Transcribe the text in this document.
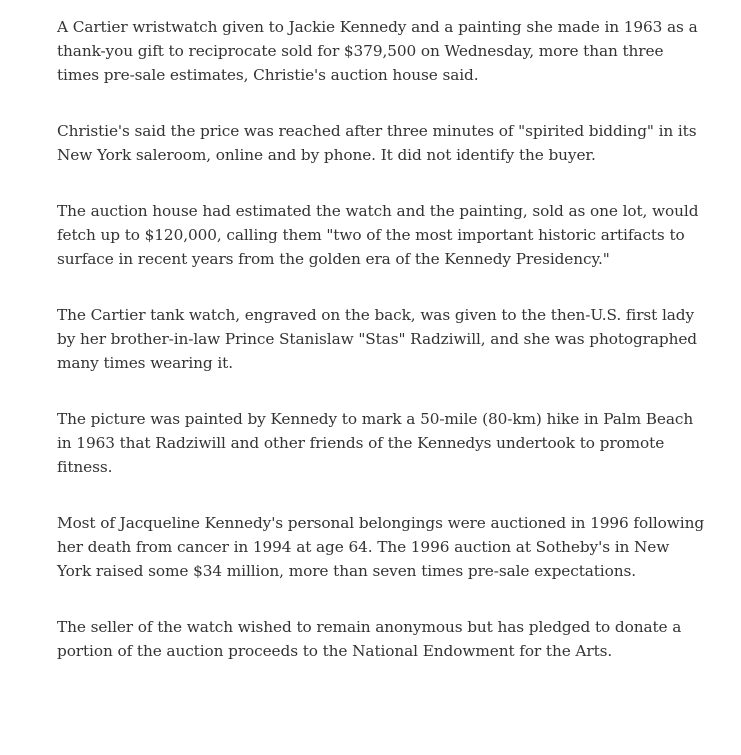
A Cartier wristwatch given to Jackie Kennedy and a painting she made in 1963 as a thank-you gift to reciprocate sold for $379,500 on Wednesday, more than three times pre-sale estimates, Christie's auction house said.

Christie's said the price was reached after three minutes of "spirited bidding" in its New York saleroom, online and by phone. It did not identify the buyer.

The auction house had estimated the watch and the painting, sold as one lot, would fetch up to $120,000, calling them "two of the most important historic artifacts to surface in recent years from the golden era of the Kennedy Presidency."

The Cartier tank watch, engraved on the back, was given to the then-U.S. first lady by her brother-in-law Prince Stanislaw "Stas" Radziwill, and she was photographed many times wearing it.

The picture was painted by Kennedy to mark a 50-mile (80-km) hike in Palm Beach in 1963 that Radziwill and other friends of the Kennedys undertook to promote fitness.

Most of Jacqueline Kennedy's personal belongings were auctioned in 1996 following her death from cancer in 1994 at age 64. The 1996 auction at Sotheby's in New York raised some $34 million, more than seven times pre-sale expectations.

The seller of the watch wished to remain anonymous but has pledged to donate a portion of the auction proceeds to the National Endowment for the Arts.
